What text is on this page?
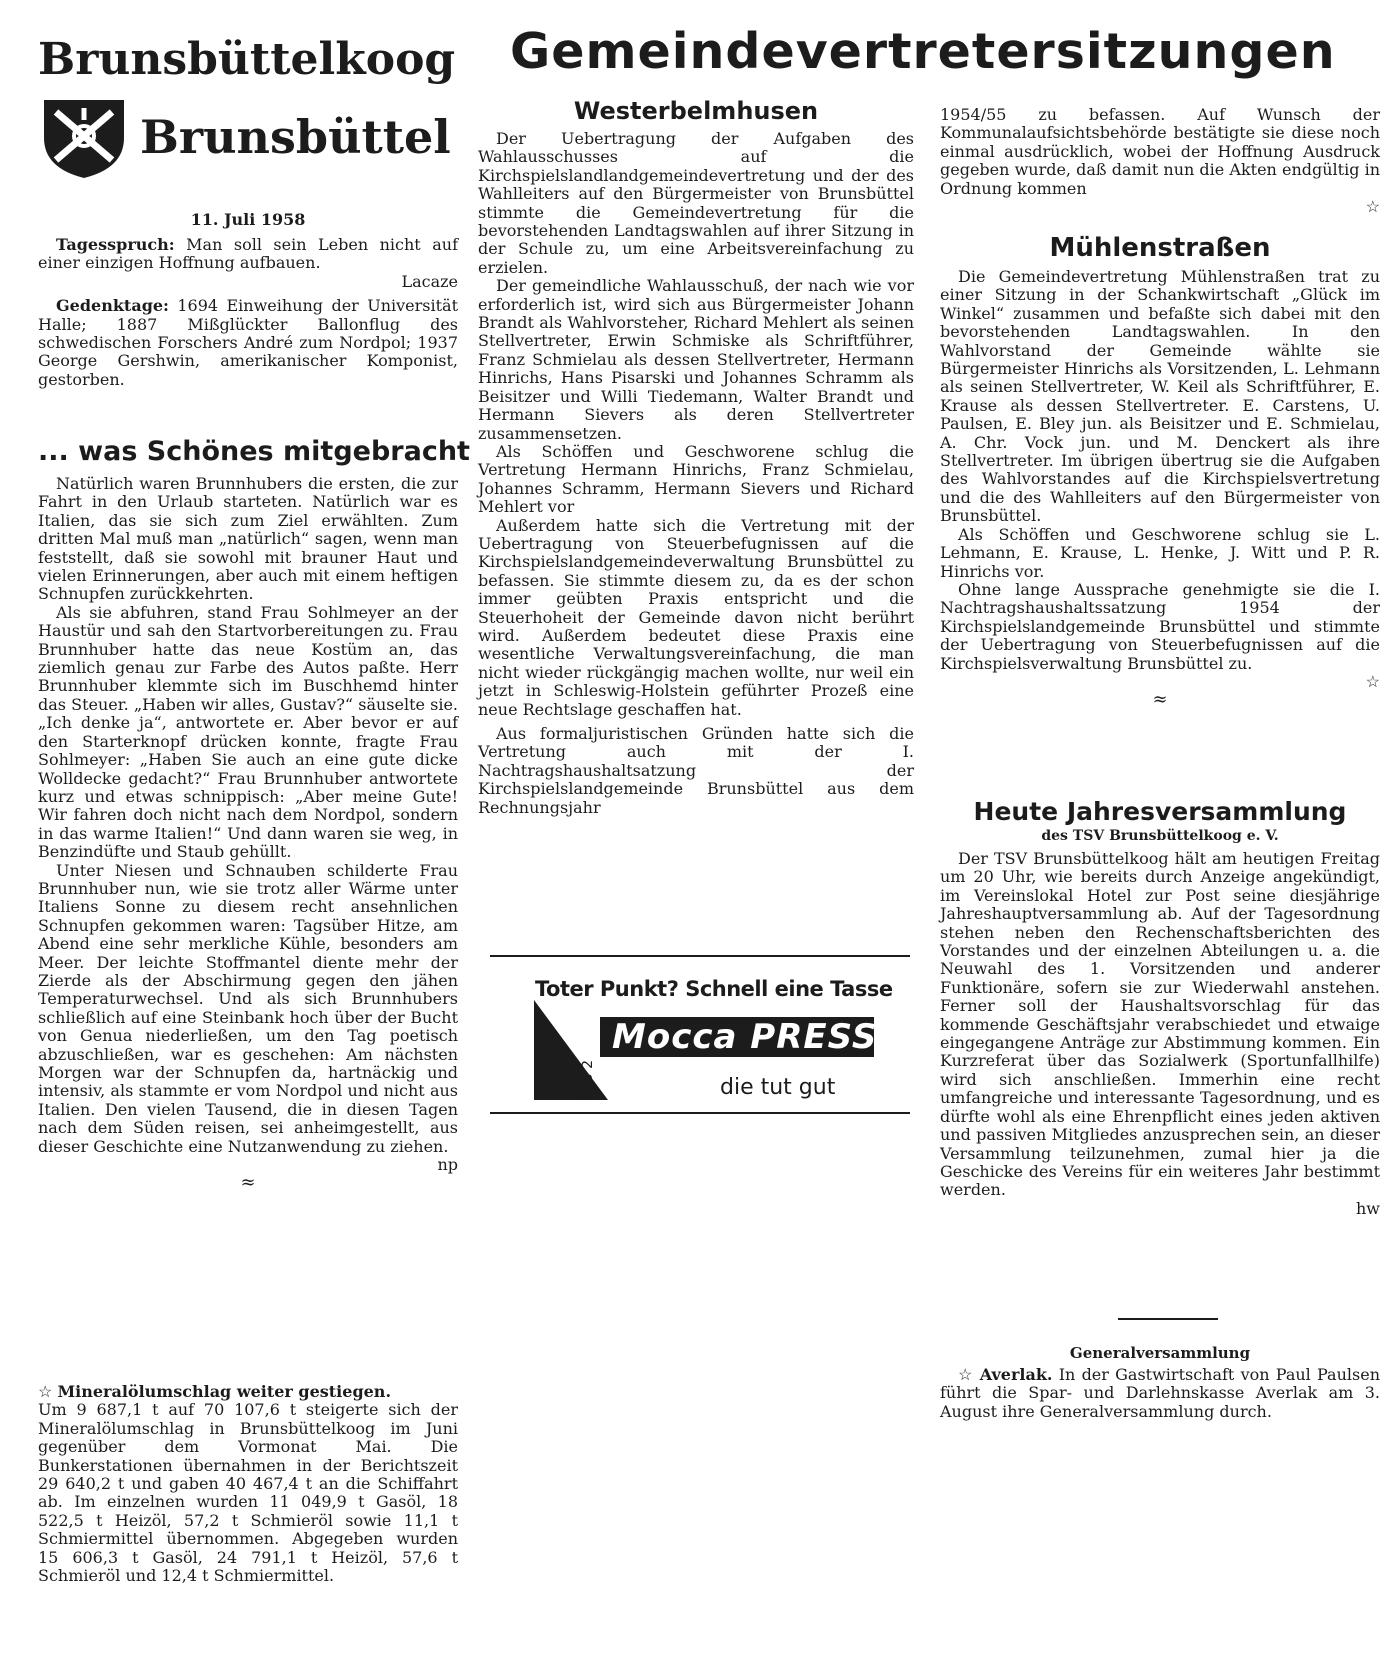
Brunsbüttelkoog
Brunsbüttel
Gemeindevertretersitzungen
11. Juli 1958

Tagesspruch: Man soll sein Leben nicht auf einer einzigen Hoffnung aufbauen.

Lacaze

Gedenktage: 1694 Einweihung der Universität Halle; 1887 Mißglückter Ballonflug des schwedischen Forschers André zum Nordpol; 1937 George Gershwin, amerikanischer Komponist, gestorben.

... was Schönes mitgebracht

Natürlich waren Brunnhubers die ersten, die zur Fahrt in den Urlaub starteten. Natürlich war es Italien, das sie sich zum Ziel erwählten. Zum dritten Mal muß man „natürlich“ sagen, wenn man feststellt, daß sie sowohl mit brauner Haut und vielen Erinnerungen, aber auch mit einem heftigen Schnupfen zurückkehrten.

Als sie abfuhren, stand Frau Sohlmeyer an der Haustür und sah den Startvorbereitungen zu. Frau Brunnhuber hatte das neue Kostüm an, das ziemlich genau zur Farbe des Autos paßte. Herr Brunnhuber klemmte sich im Buschhemd hinter das Steuer. „Haben wir alles, Gustav?“ säuselte sie. „Ich denke ja“, antwortete er. Aber bevor er auf den Starterknopf drücken konnte, fragte Frau Sohlmeyer: „Haben Sie auch an eine gute dicke Wolldecke gedacht?“ Frau Brunnhuber antwortete kurz und etwas schnippisch: „Aber meine Gute! Wir fahren doch nicht nach dem Nordpol, sondern in das warme Italien!“ Und dann waren sie weg, in Benzindüfte und Staub gehüllt.

Unter Niesen und Schnauben schilderte Frau Brunnhuber nun, wie sie trotz aller Wärme unter Italiens Sonne zu diesem recht ansehnlichen Schnupfen gekommen waren: Tagsüber Hitze, am Abend eine sehr merkliche Kühle, besonders am Meer. Der leichte Stoffmantel diente mehr der Zierde als der Abschirmung gegen den jähen Temperaturwechsel. Und als sich Brunnhubers schließlich auf eine Steinbank hoch über der Bucht von Genua niederließen, um den Tag poetisch abzuschließen, war es geschehen: Am nächsten Morgen war der Schnupfen da, hartnäckig und intensiv, als stammte er vom Nordpol und nicht aus Italien. Den vielen Tausend, die in diesen Tagen nach dem Süden reisen, sei anheimgestellt, aus dieser Geschichte eine Nutzanwendung zu ziehen.

np

≈

☆ Mineralölumschlag weiter gestiegen.

Um 9 687,1 t auf 70 107,6 t steigerte sich der Mineralölumschlag in Brunsbüttelkoog im Juni gegenüber dem Vormonat Mai. Die Bunkerstationen übernahmen in der Berichtszeit 29 640,2 t und gaben 40 467,4 t an die Schiffahrt ab. Im einzelnen wurden 11 049,9 t Gasöl, 18 522,5 t Heizöl, 57,2 t Schmieröl sowie 11,1 t Schmiermittel übernommen. Abgegeben wurden 15 606,3 t Gasöl, 24 791,1 t Heizöl, 57,6 t Schmieröl und 12,4 t Schmiermittel.

Westerbelmhusen

Der Uebertragung der Aufgaben des Wahlausschusses auf die Kirchspielslandlandgemeindevertretung und der des Wahlleiters auf den Bürgermeister von Brunsbüttel stimmte die Gemeindevertretung für die bevorstehenden Landtagswahlen auf ihrer Sitzung in der Schule zu, um eine Arbeitsvereinfachung zu erzielen.

Der gemeindliche Wahlausschuß, der nach wie vor erforderlich ist, wird sich aus Bürgermeister Johann Brandt als Wahlvorsteher, Richard Mehlert als seinen Stellvertreter, Erwin Schmiske als Schriftführer, Franz Schmielau als dessen Stellvertreter, Hermann Hinrichs, Hans Pisarski und Johannes Schramm als Beisitzer und Willi Tiedemann, Walter Brandt und Hermann Sievers als deren Stellvertreter zusammensetzen.

Als Schöffen und Geschworene schlug die Vertretung Hermann Hinrichs, Franz Schmielau, Johannes Schramm, Hermann Sievers und Richard Mehlert vor

Außerdem hatte sich die Vertretung mit der Uebertragung von Steuerbefugnissen auf die Kirchspielslandgemeindeverwaltung Brunsbüttel zu befassen. Sie stimmte diesem zu, da es der schon immer geübten Praxis entspricht und die Steuerhoheit der Gemeinde davon nicht berührt wird. Außerdem bedeutet diese Praxis eine wesentliche Verwaltungsvereinfachung, die man nicht wieder rückgängig machen wollte, nur weil ein jetzt in Schleswig-Holstein geführter Prozeß eine neue Rechtslage geschaffen hat.

Aus formaljuristischen Gründen hatte sich die Vertretung auch mit der I. Nachtragshaushaltsatzung der Kirchspielslandgemeinde Brunsbüttel aus dem Rechnungsjahr

Toter Punkt? Schnell eine Tasse
Mocca PRESS
die tut gut
935 2

1954/55 zu befassen. Auf Wunsch der Kommunalaufsichtsbehörde bestätigte sie diese noch einmal ausdrücklich, wobei der Hoffnung Ausdruck gegeben wurde, daß damit nun die Akten endgültig in Ordnung kommen

☆

Mühlenstraßen

Die Gemeindevertretung Mühlenstraßen trat zu einer Sitzung in der Schankwirtschaft „Glück im Winkel“ zusammen und befaßte sich dabei mit den bevorstehenden Landtagswahlen. In den Wahlvorstand der Gemeinde wählte sie Bürgermeister Hinrichs als Vorsitzenden, L. Lehmann als seinen Stellvertreter, W. Keil als Schriftführer, E. Krause als dessen Stellvertreter. E. Carstens, U. Paulsen, E. Bley jun. als Beisitzer und E. Schmielau, A. Chr. Vock jun. und M. Denckert als ihre Stellvertreter. Im übrigen übertrug sie die Aufgaben des Wahlvorstandes auf die Kirchspielsvertretung und die des Wahlleiters auf den Bürgermeister von Brunsbüttel.

Als Schöffen und Geschworene schlug sie L. Lehmann, E. Krause, L. Henke, J. Witt und P. R. Hinrichs vor.

Ohne lange Aussprache genehmigte sie die I. Nachtragshaushaltssatzung 1954 der Kirchspielslandgemeinde Brunsbüttel und stimmte der Uebertragung von Steuerbefugnissen auf die Kirchspielsverwaltung Brunsbüttel zu.

☆

≈
Heute Jahresversammlung

des TSV Brunsbüttelkoog e. V.

Der TSV Brunsbüttelkoog hält am heutigen Freitag um 20 Uhr, wie bereits durch Anzeige angekündigt, im Vereinslokal Hotel zur Post seine diesjährige Jahreshauptversammlung ab. Auf der Tagesordnung stehen neben den Rechenschaftsberichten des Vorstandes und der einzelnen Abteilungen u. a. die Neuwahl des 1. Vorsitzenden und anderer Funktionäre, sofern sie zur Wiederwahl anstehen. Ferner soll der Haushaltsvorschlag für das kommende Geschäftsjahr verabschiedet und etwaige eingegangene Anträge zur Abstimmung kommen. Ein Kurzreferat über das Sozialwerk (Sportunfallhilfe) wird sich anschließen. Immerhin eine recht umfangreiche und interessante Tagesordnung, und es dürfte wohl als eine Ehrenpflicht eines jeden aktiven und passiven Mitgliedes anzusprechen sein, an dieser Versammlung teilzunehmen, zumal hier ja die Geschicke des Vereins für ein weiteres Jahr bestimmt werden.

hw

Generalversammlung

☆ Averlak. In der Gastwirtschaft von Paul Paulsen führt die Spar- und Darlehnskasse Averlak am 3. August ihre Generalversammlung durch.
